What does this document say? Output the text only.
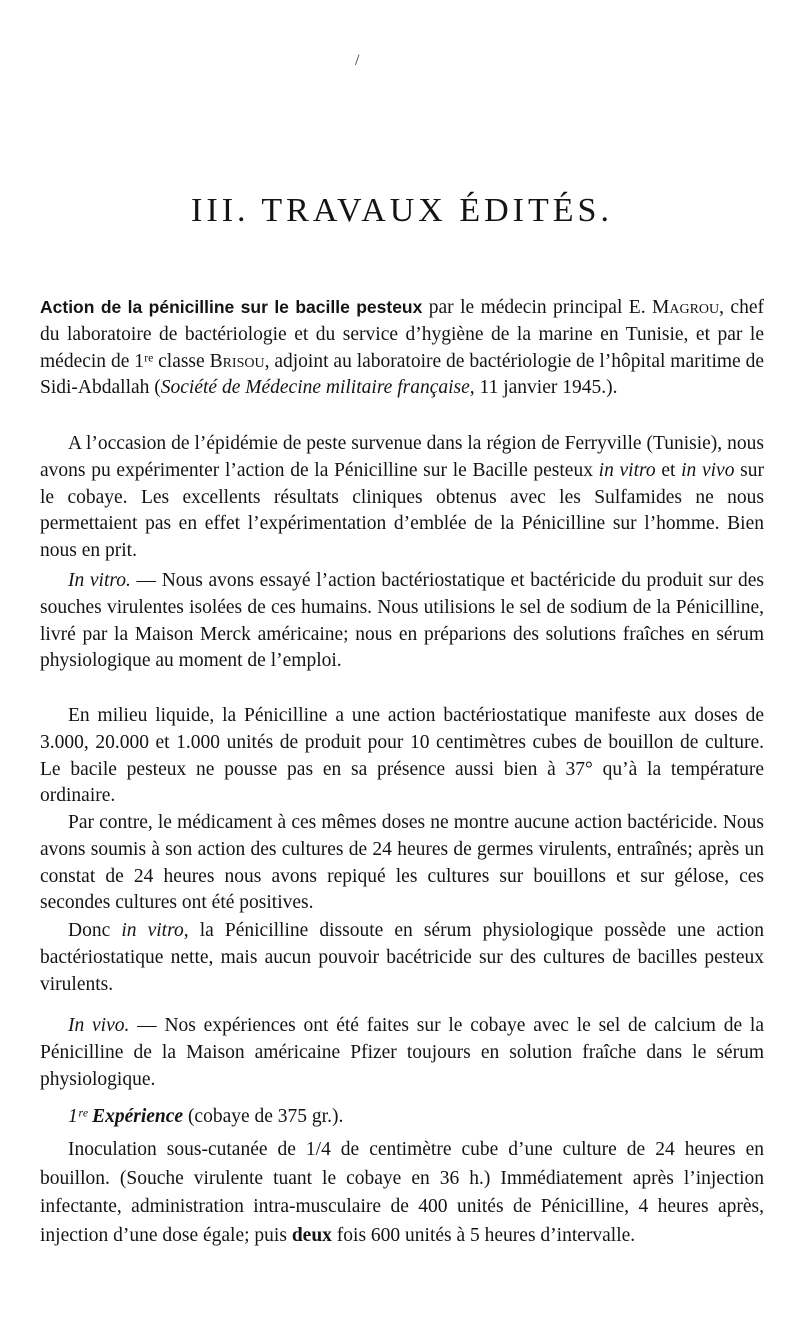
/
III. TRAVAUX ÉDITÉS.

Action de la pénicilline sur le bacille pesteux par le médecin principal E. Magrou, chef du laboratoire de bactériologie et du service d’hygiène de la marine en Tunisie, et par le médecin de 1ʳᵉ classe Brisou, adjoint au laboratoire de bactériologie de l’hôpital maritime de Sidi-Abdallah (Société de Médecine militaire française, 11 janvier 1945.).

A l’occasion de l’épidémie de peste survenue dans la région de Ferryville (Tunisie), nous avons pu expérimenter l’action de la Pénicilline sur le Bacille pesteux in vitro et in vivo sur le cobaye. Les excellents résultats cliniques obtenus avec les Sulfamides ne nous permettaient pas en effet l’expérimentation d’emblée de la Pénicilline sur l’homme. Bien nous en prit.

In vitro. — Nous avons essayé l’action bactériostatique et bactéricide du produit sur des souches virulentes isolées de ces humains. Nous utilisions le sel de sodium de la Pénicilline, livré par la Maison Merck américaine; nous en préparions des solutions fraîches en sérum physiologique au moment de l’emploi.

En milieu liquide, la Pénicilline a une action bactériostatique manifeste aux doses de 3.000, 20.000 et 1.000 unités de produit pour 10 centimètres cubes de bouillon de culture. Le bacile pesteux ne pousse pas en sa présence aussi bien à 37° qu’à la température ordinaire.

Par contre, le médicament à ces mêmes doses ne montre aucune action bactéricide. Nous avons soumis à son action des cultures de 24 heures de germes virulents, entraînés; après un constat de 24 heures nous avons repiqué les cultures sur bouillons et sur gélose, ces secondes cultures ont été positives.

Donc in vitro, la Pénicilline dissoute en sérum physiologique possède une action bactériostatique nette, mais aucun pouvoir bacétricide sur des cultures de bacilles pesteux virulents.

In vivo. — Nos expériences ont été faites sur le cobaye avec le sel de calcium de la Pénicilline de la Maison américaine Pfizer toujours en solution fraîche dans le sérum physiologique.

1ʳᵉ Expérience (cobaye de 375 gr.).

Inoculation sous-cutanée de 1/4 de centimètre cube d’une culture de 24 heures en bouillon. (Souche virulente tuant le cobaye en 36 h.) Immédiatement après l’injection infectante, administration intra-musculaire de 400 unités de Pénicilline, 4 heures après, injection d’une dose égale; puis deux fois 600 unités à 5 heures d’intervalle.
